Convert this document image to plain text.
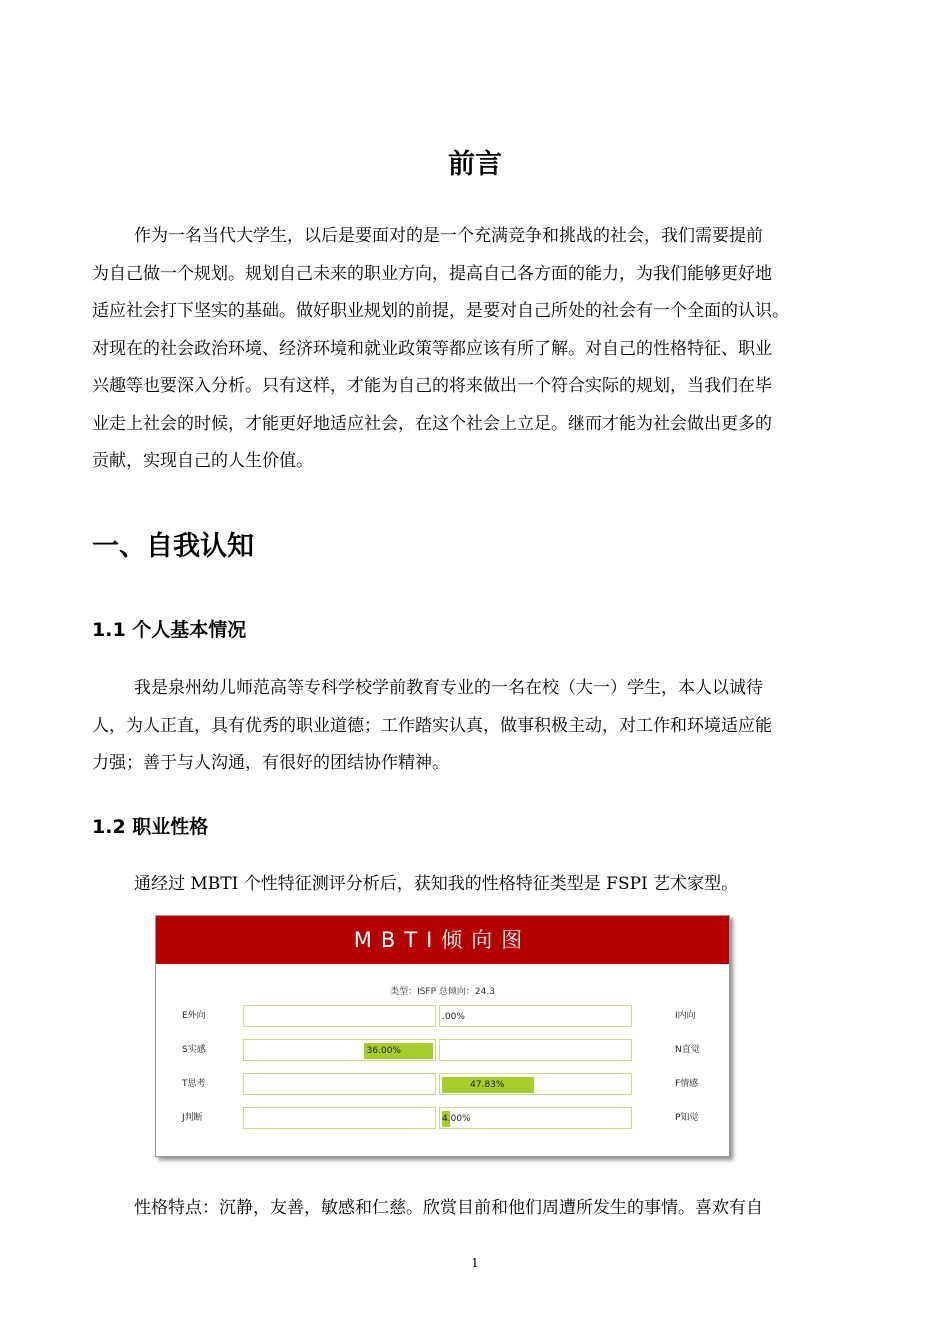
前言
作为一名当代大学生，以后是要面对的是一个充满竞争和挑战的社会，我们需要提前
为自己做一个规划。规划自己未来的职业方向，提高自己各方面的能力，为我们能够更好地
适应社会打下坚实的基础。做好职业规划的前提，是要对自己所处的社会有一个全面的认识。
对现在的社会政治环境、经济环境和就业政策等都应该有所了解。对自己的性格特征、职业
兴趣等也要深入分析。只有这样，才能为自己的将来做出一个符合实际的规划，当我们在毕
业走上社会的时候，才能更好地适应社会，在这个社会上立足。继而才能为社会做出更多的
贡献，实现自己的人生价值。
一、自我认知
1.1 个人基本情况
我是泉州幼儿师范高等专科学校学前教育专业的一名在校（大一）学生，本人以诚待
人，为人正直，具有优秀的职业道德；工作踏实认真，做事积极主动，对工作和环境适应能
力强；善于与人沟通，有很好的团结协作精神。
1.2 职业性格
通经过 MBTI 个性特征测评分析后，获知我的性格特征类型是 FSPI 艺术家型。
MBTI倾向图
类型：ISFP 总倾向：24.3
E外向	I内向
.00%
S实感	N直觉
36.00%
T思考	F情感
47.83%
J判断	P知觉
4.00%
性格特点：沉静，友善，敏感和仁慈。欣赏目前和他们周遭所发生的事情。喜欢有自
1
